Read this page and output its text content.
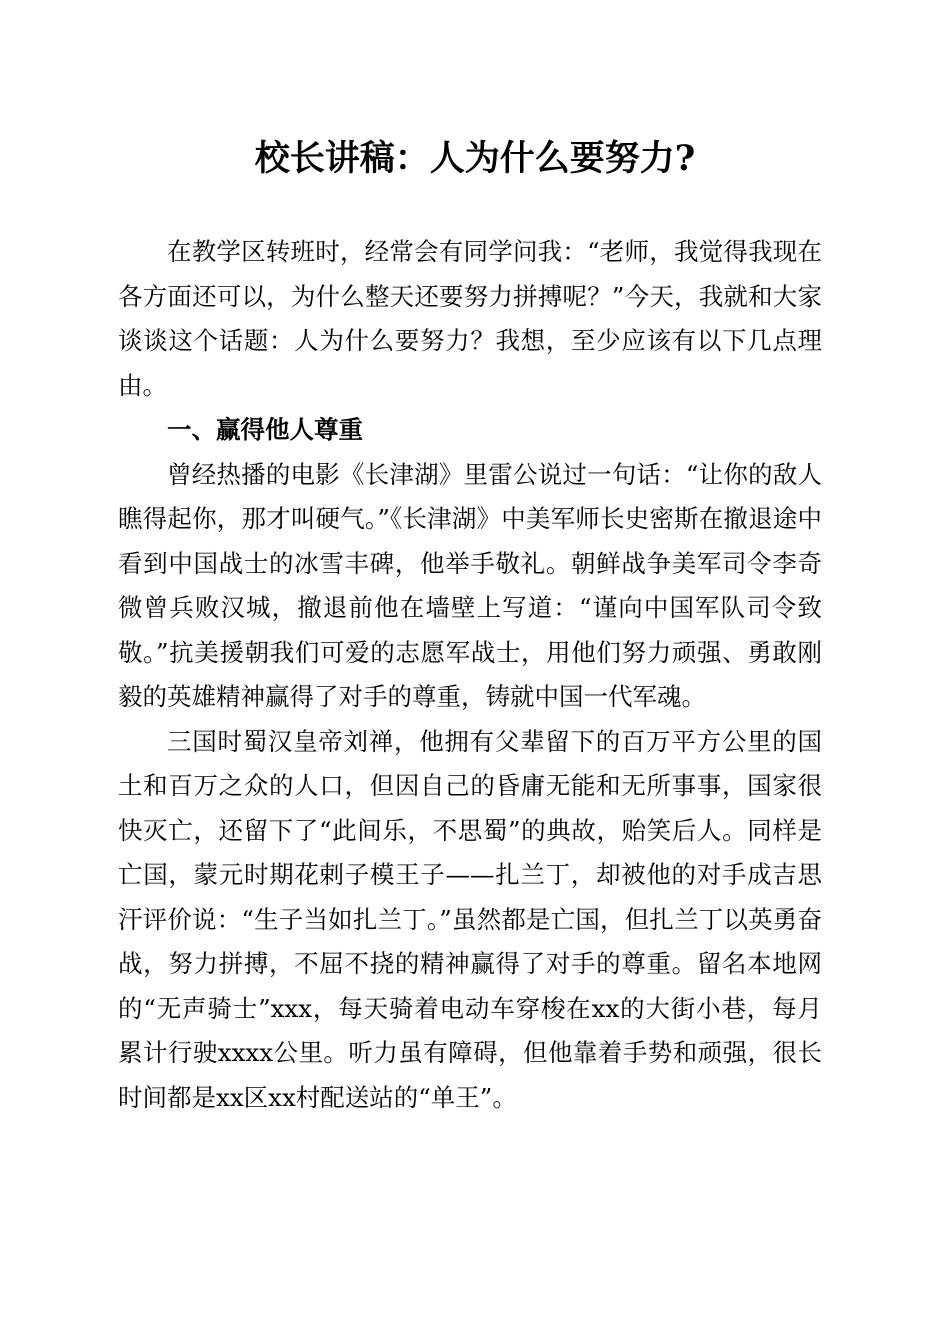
校长讲稿：人为什么要努力?

在教学区转班时，经常会有同学问我：“老师，我觉得我现在各方面还可以，为什么整天还要努力拼搏呢？”今天，我就和大家谈谈这个话题：人为什么要努力？我想，至少应该有以下几点理由。

一、赢得他人尊重

曾经热播的电影《长津湖》里雷公说过一句话：“让你的敌人瞧得起你，那才叫硬气。”《长津湖》中美军师长史密斯在撤退途中看到中国战士的冰雪丰碑，他举手敬礼。朝鲜战争美军司令李奇微曾兵败汉城，撤退前他在墙壁上写道：“谨向中国军队司令致敬。”抗美援朝我们可爱的志愿军战士，用他们努力顽强、勇敢刚毅的英雄精神赢得了对手的尊重，铸就中国一代军魂。

三国时蜀汉皇帝刘禅，他拥有父辈留下的百万平方公里的国土和百万之众的人口，但因自己的昏庸无能和无所事事，国家很快灭亡，还留下了“此间乐，不思蜀”的典故，贻笑后人。同样是亡国，蒙元时期花剌子模王子——扎兰丁，却被他的对手成吉思汗评价说：“生子当如扎兰丁。”虽然都是亡国，但扎兰丁以英勇奋战，努力拼搏，不屈不挠的精神赢得了对手的尊重。留名本地网的“无声骑士”xxx，每天骑着电动车穿梭在xx的大街小巷，每月累计行驶xxxx公里。听力虽有障碍，但他靠着手势和顽强，很长时间都是xx区xx村配送站的“单王”。
